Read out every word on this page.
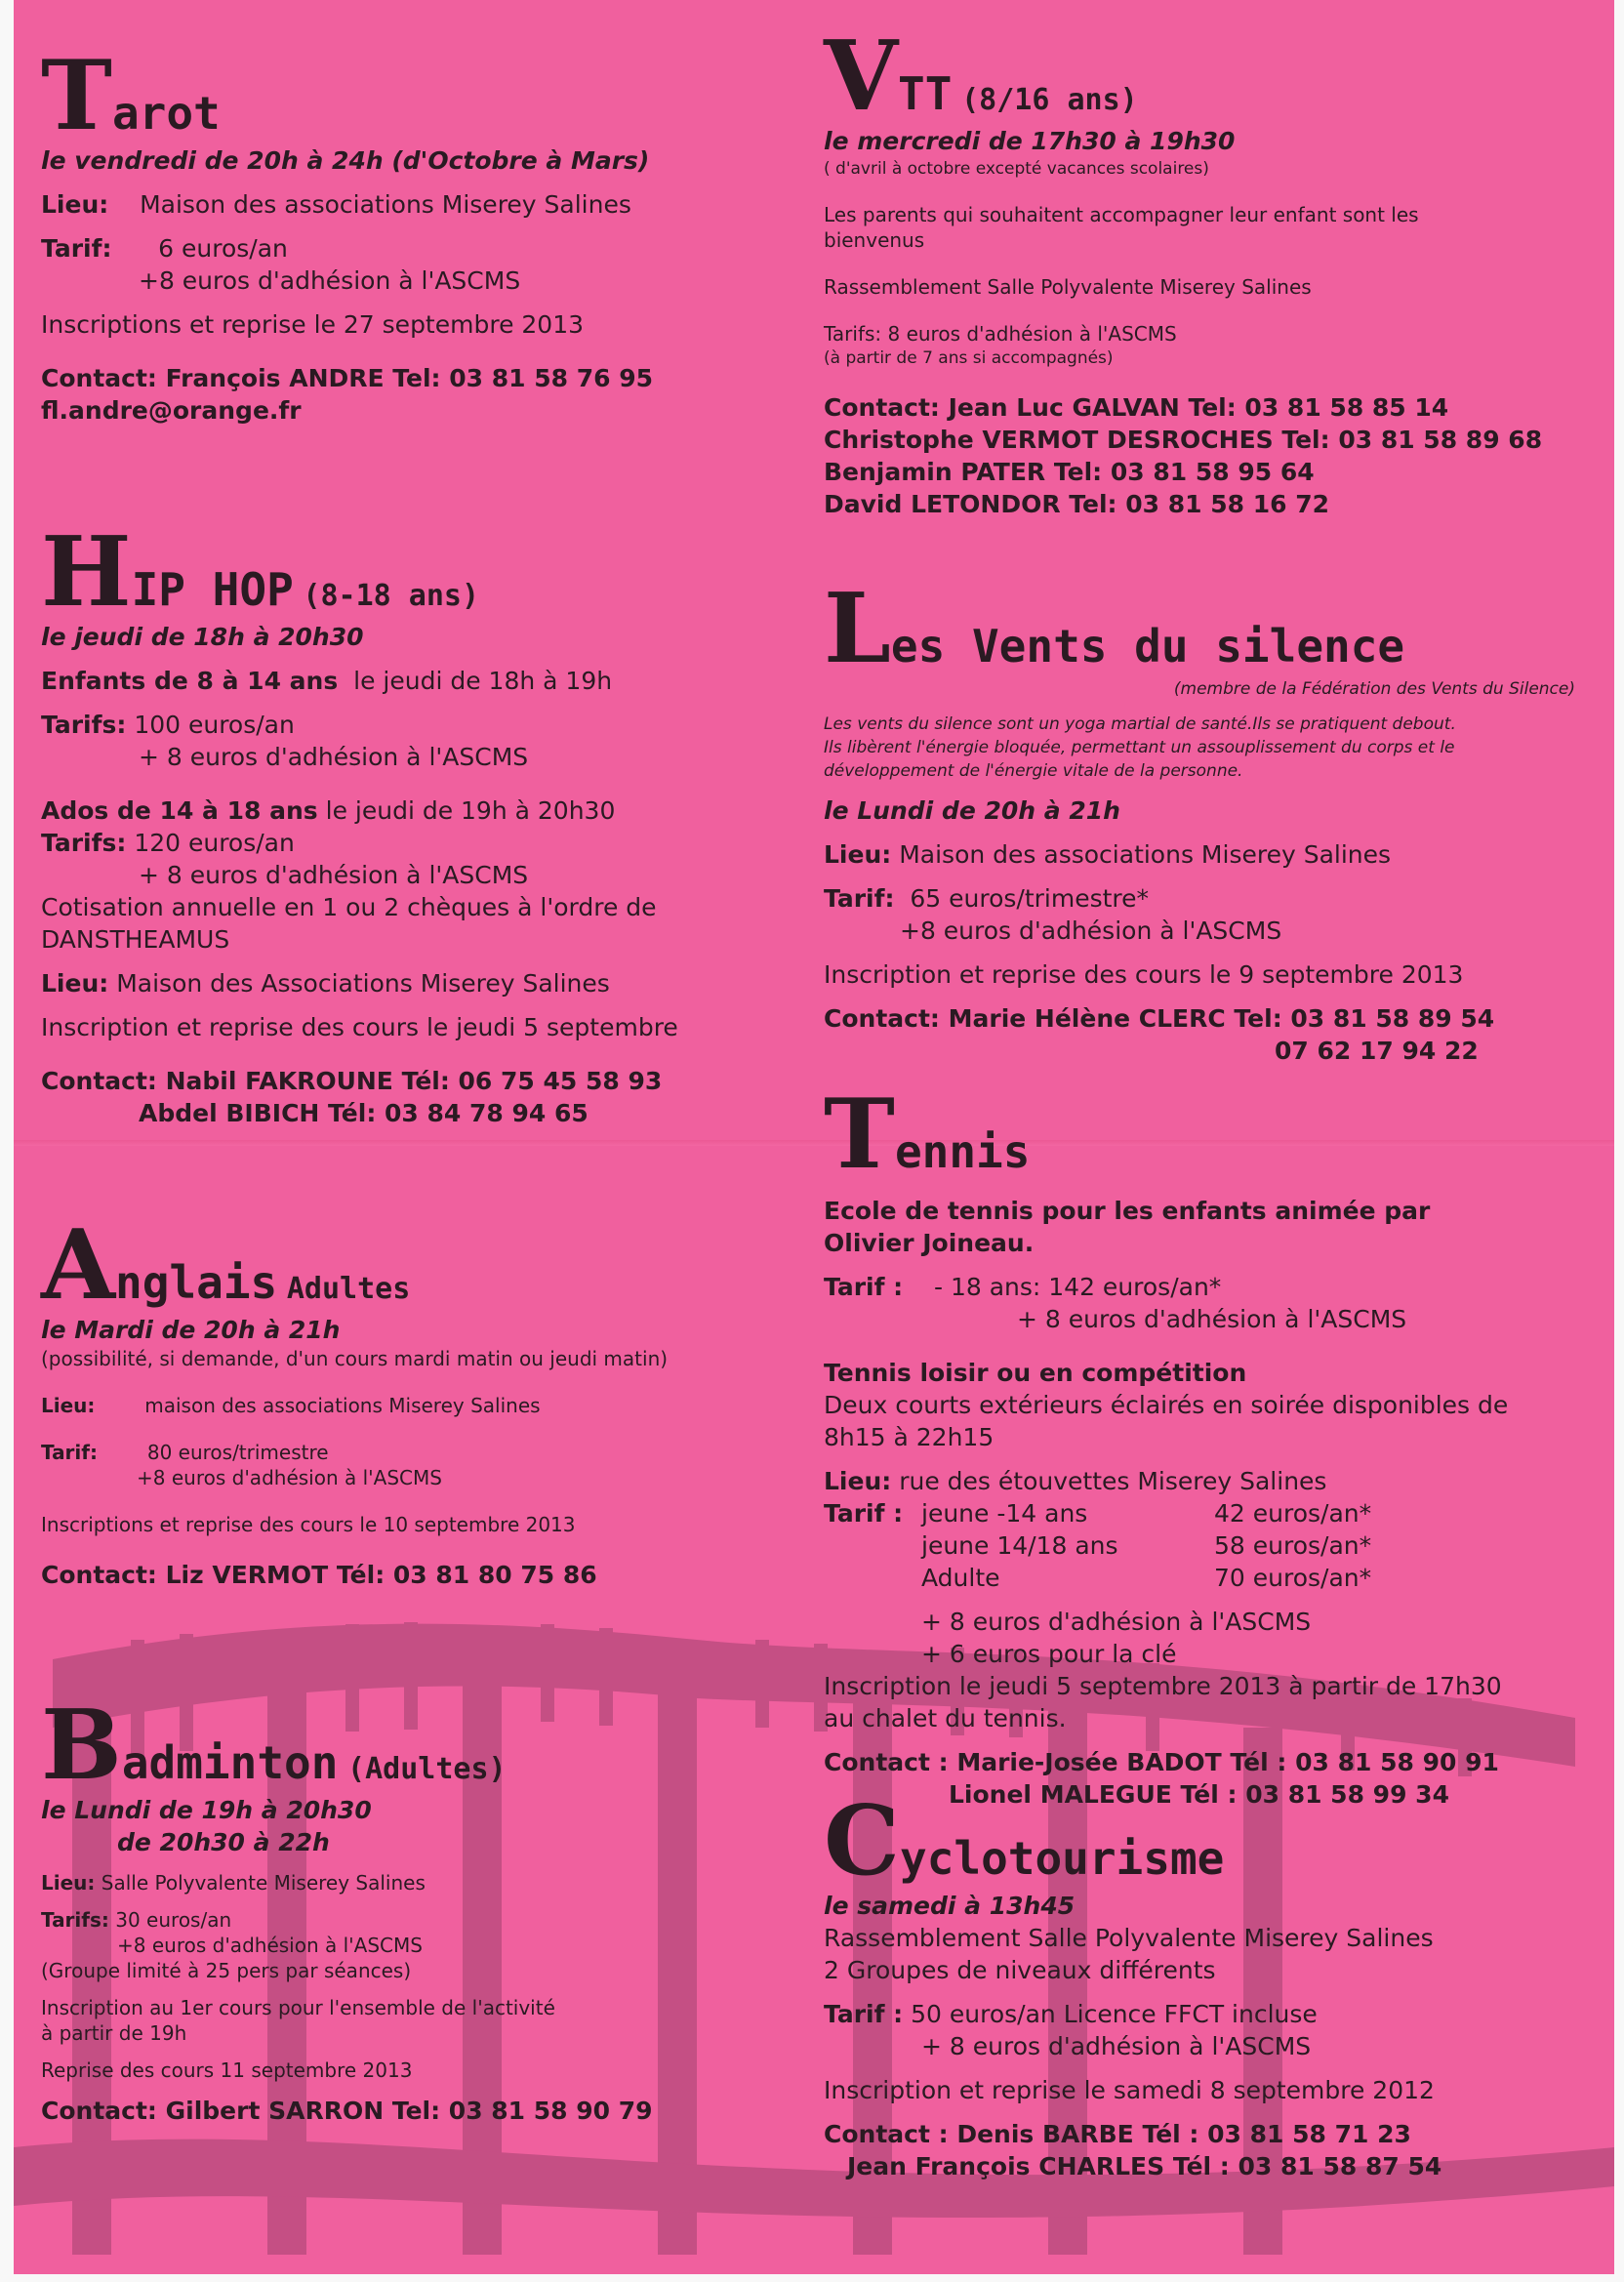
Tarot

le vendredi de 20h à 24h (d'Octobre à Mars)

Lieu: Maison des associations Miserey Salines

Tarif: 6 euros/an

+8 euros d'adhésion à l'ASCMS

Inscriptions et reprise le 27 septembre 2013

Contact: François ANDRE Tel: 03 81 58 76 95

fl.andre@orange.fr

HIP HOP (8-18 ans)

le jeudi de 18h à 20h30

Enfants de 8 à 14 ans le jeudi de 18h à 19h

Tarifs: 100 euros/an

+ 8 euros d'adhésion à l'ASCMS

Ados de 14 à 18 ans le jeudi de 19h à 20h30

Tarifs: 120 euros/an

+ 8 euros d'adhésion à l'ASCMS

Cotisation annuelle en 1 ou 2 chèques à l'ordre de

DANSTHEAMUS

Lieu: Maison des Associations Miserey Salines

Inscription et reprise des cours le jeudi 5 septembre

Contact: Nabil FAKROUNE Tél: 06 75 45 58 93

Abdel BIBICH Tél: 03 84 78 94 65

Anglais Adultes

le Mardi de 20h à 21h

(possibilité, si demande, d'un cours mardi matin ou jeudi matin)

Lieu:	maison des associations Miserey Salines

Tarif:	80 euros/trimestre

+8 euros d'adhésion à l'ASCMS

Inscriptions et reprise des cours le 10 septembre 2013

Contact: Liz VERMOT Tél: 03 81 80 75 86

Badminton (Adultes)

le Lundi de 19h à 20h30

de 20h30 à 22h

Lieu: Salle Polyvalente Miserey Salines

Tarifs: 30 euros/an

+8 euros d'adhésion à l'ASCMS

(Groupe limité à 25 pers par séances)

Inscription au 1er cours pour l'ensemble de l'activité

à partir de 19h

Reprise des cours 11 septembre 2013

Contact: Gilbert SARRON Tel: 03 81 58 90 79

VTT (8/16 ans)

le mercredi de 17h30 à 19h30

( d'avril à octobre excepté vacances scolaires)

Les parents qui souhaitent accompagner leur enfant sont les

bienvenus

Rassemblement Salle Polyvalente Miserey Salines

Tarifs: 8 euros d'adhésion à l'ASCMS

(à partir de 7 ans si accompagnés)

Contact: Jean Luc GALVAN Tel: 03 81 58 85 14

Christophe VERMOT DESROCHES Tel: 03 81 58 89 68

Benjamin PATER Tel: 03 81 58 95 64

David LETONDOR Tel: 03 81 58 16 72

Les Vents du silence

(membre de la Fédération des Vents du Silence)

Les vents du silence sont un yoga martial de santé.Ils se pratiquent debout.

Ils libèrent l'énergie bloquée, permettant un assouplissement du corps et le

développement de l'énergie vitale de la personne.

le Lundi de 20h à 21h

Lieu: Maison des associations Miserey Salines

Tarif: 65 euros/trimestre*

+8 euros d'adhésion à l'ASCMS

Inscription et reprise des cours le 9 septembre 2013

Contact: Marie Hélène CLERC Tel: 03 81 58 89 54

07 62 17 94 22

Tennis

Ecole de tennis pour les enfants animée par

Olivier Joineau.

Tarif : - 18 ans: 142 euros/an*

+ 8 euros d'adhésion à l'ASCMS

Tennis loisir ou en compétition

Deux courts extérieurs éclairés en soirée disponibles de

8h15 à 22h15

Lieu: rue des étouvettes Miserey Salines

Tarif : jeune -14 ans	42 euros/an*
jeune 14/18 ans	58 euros/an*
Adulte	70 euros/an*

+ 8 euros d'adhésion à l'ASCMS

+ 6 euros pour la clé

Inscription le jeudi 5 septembre 2013 à partir de 17h30

au chalet du tennis.

Contact : Marie-Josée BADOT Tél : 03 81 58 90 91

Lionel MALEGUE Tél : 03 81 58 99 34

Cyclotourisme

le samedi à 13h45

Rassemblement Salle Polyvalente Miserey Salines

2 Groupes de niveaux différents

Tarif : 50 euros/an Licence FFCT incluse

+ 8 euros d'adhésion à l'ASCMS

Inscription et reprise le samedi 8 septembre 2012

Contact : Denis BARBE Tél : 03 81 58 71 23

Jean François CHARLES Tél : 03 81 58 87 54
